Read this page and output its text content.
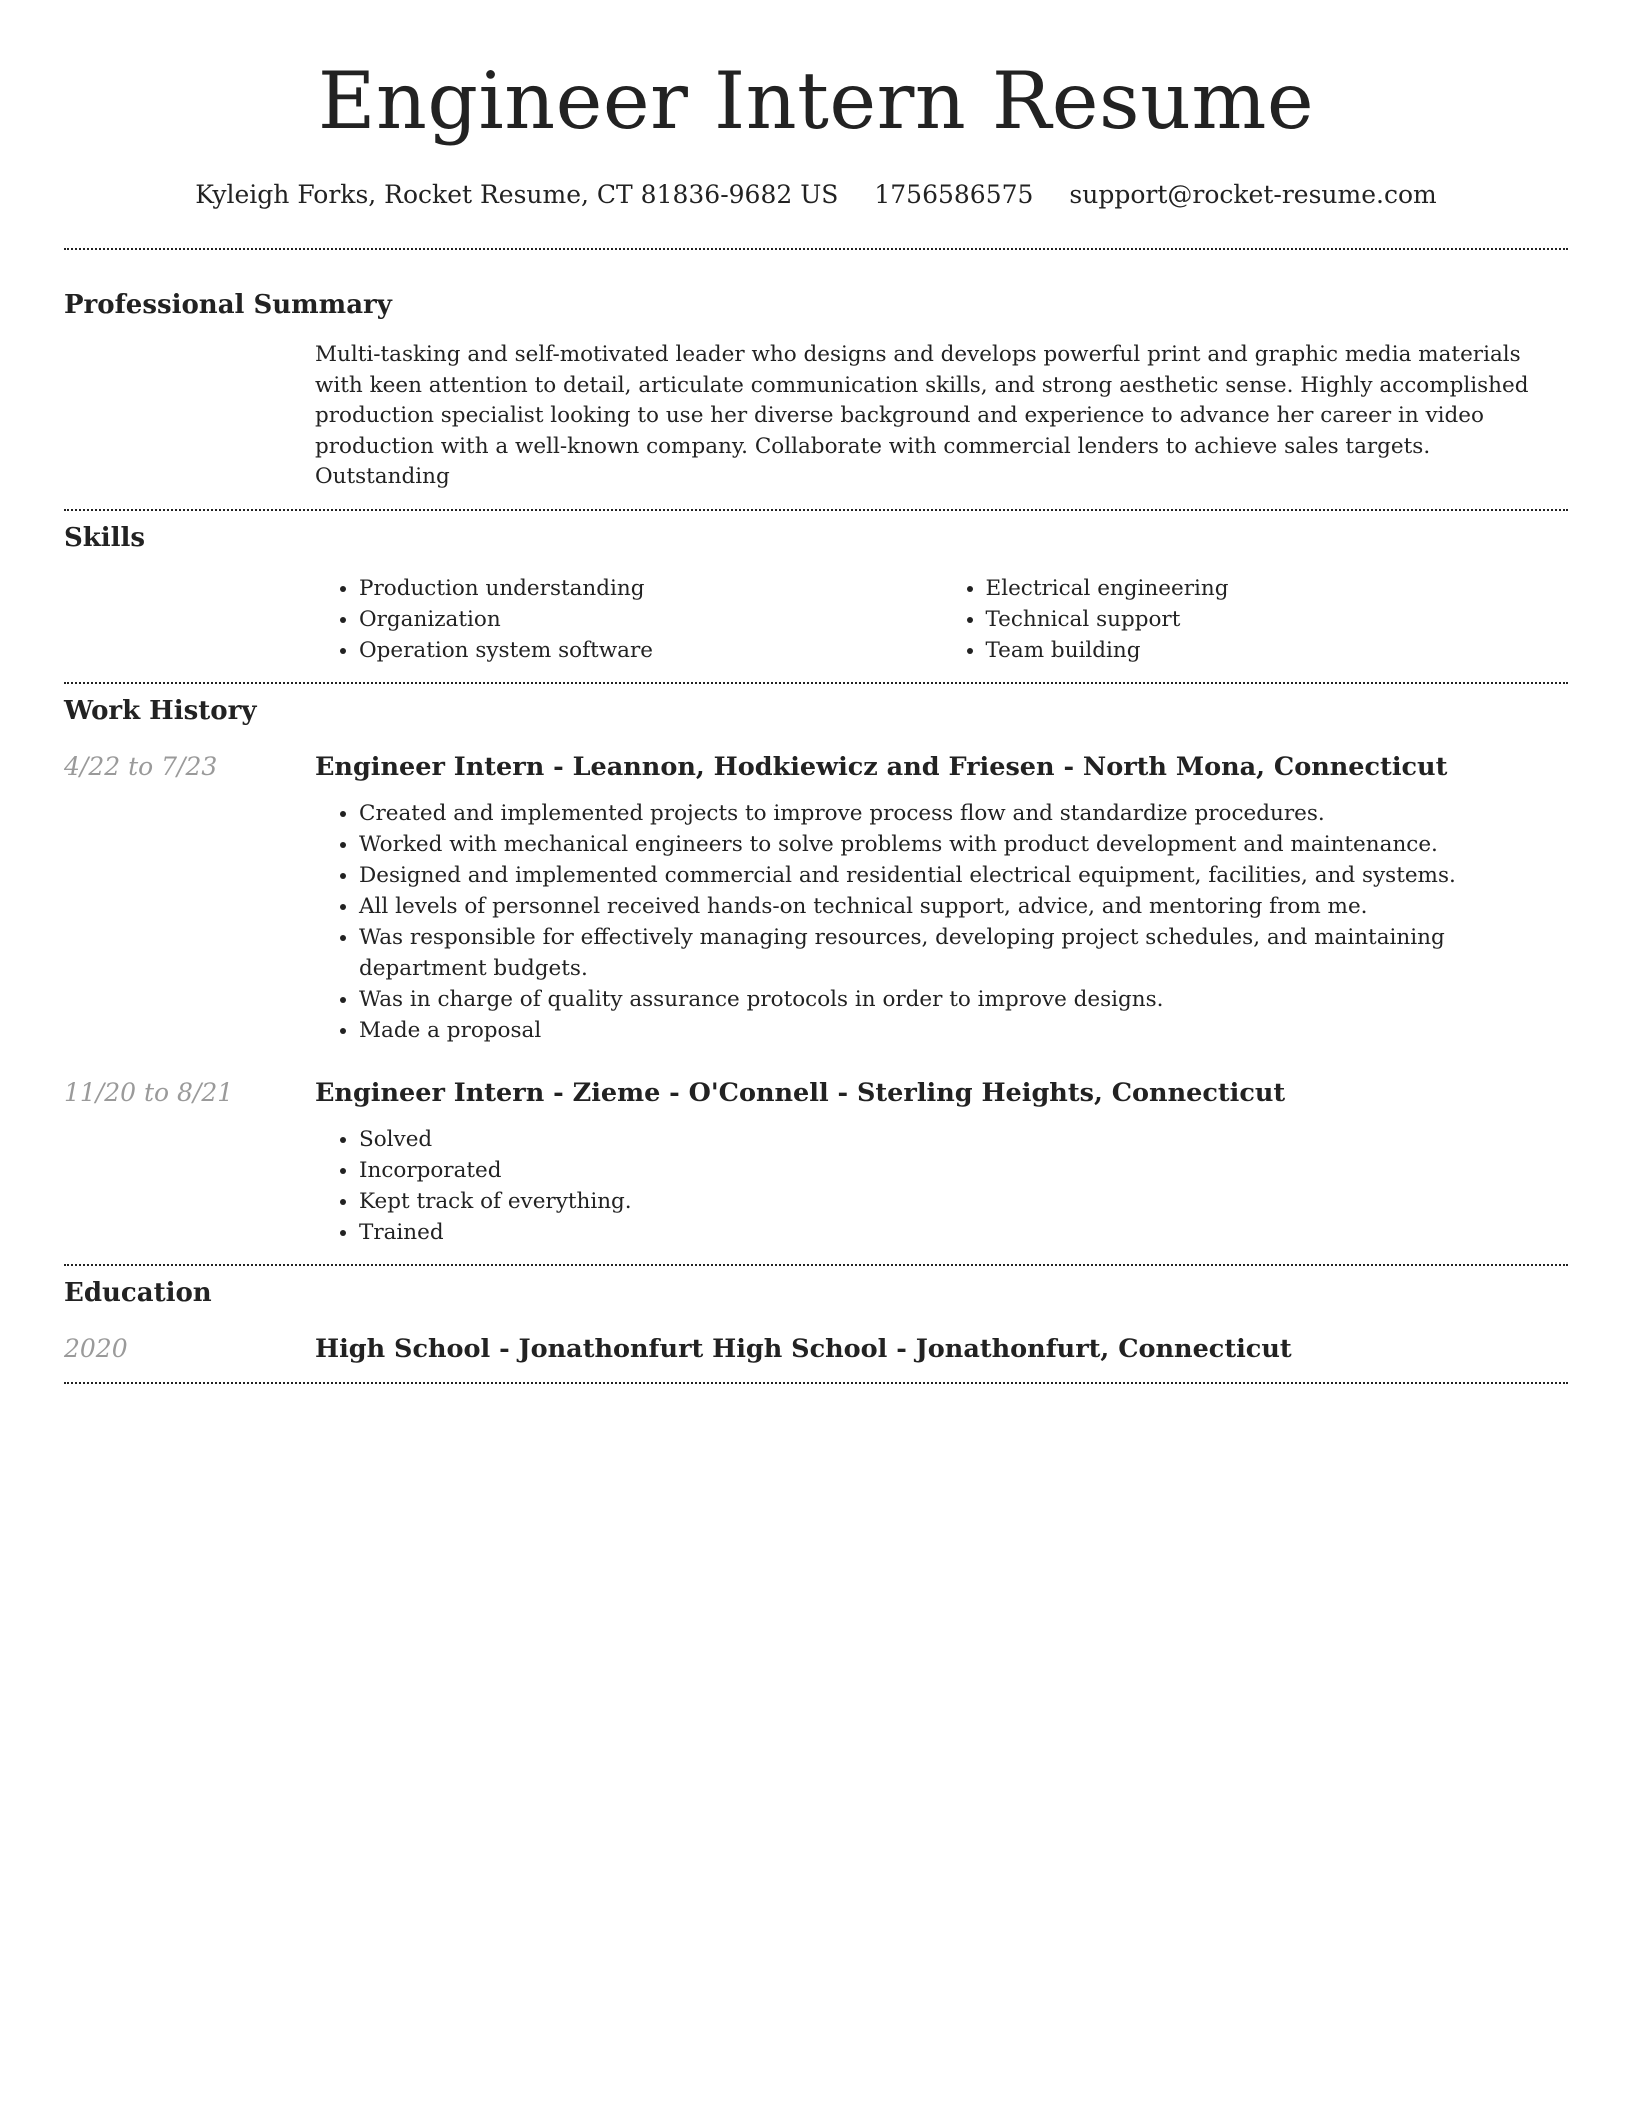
Engineer Intern Resume
Kyleigh Forks, Rocket Resume, CT 81836-9682 US 1756586575 support@rocket-resume.com
Professional Summary

Multi-tasking and self-motivated leader who designs and develops powerful print and graphic media materials with keen attention to detail, articulate communication skills, and strong aesthetic sense. Highly accomplished production specialist looking to use her diverse background and experience to advance her career in video production with a well-known company. Collaborate with commercial lenders to achieve sales targets. Outstanding

Skills
• Production understanding
• Organization
• Operation system software
• Electrical engineering
• Technical support
• Team building
Work History
4/22 to 7/23	Engineer Intern - Leannon, Hodkiewicz and Friesen - North Mona, Connecticut
• Created and implemented projects to improve process flow and standardize procedures.
• Worked with mechanical engineers to solve problems with product development and maintenance.
• Designed and implemented commercial and residential electrical equipment, facilities, and systems.
• All levels of personnel received hands-on technical support, advice, and mentoring from me.
• Was responsible for effectively managing resources, developing project schedules, and maintaining department budgets.
• Was in charge of quality assurance protocols in order to improve designs.
• Made a proposal
11/20 to 8/21	Engineer Intern - Zieme - O'Connell - Sterling Heights, Connecticut
• Solved
• Incorporated
• Kept track of everything.
• Trained
Education
2020	High School - Jonathonfurt High School - Jonathonfurt, Connecticut
